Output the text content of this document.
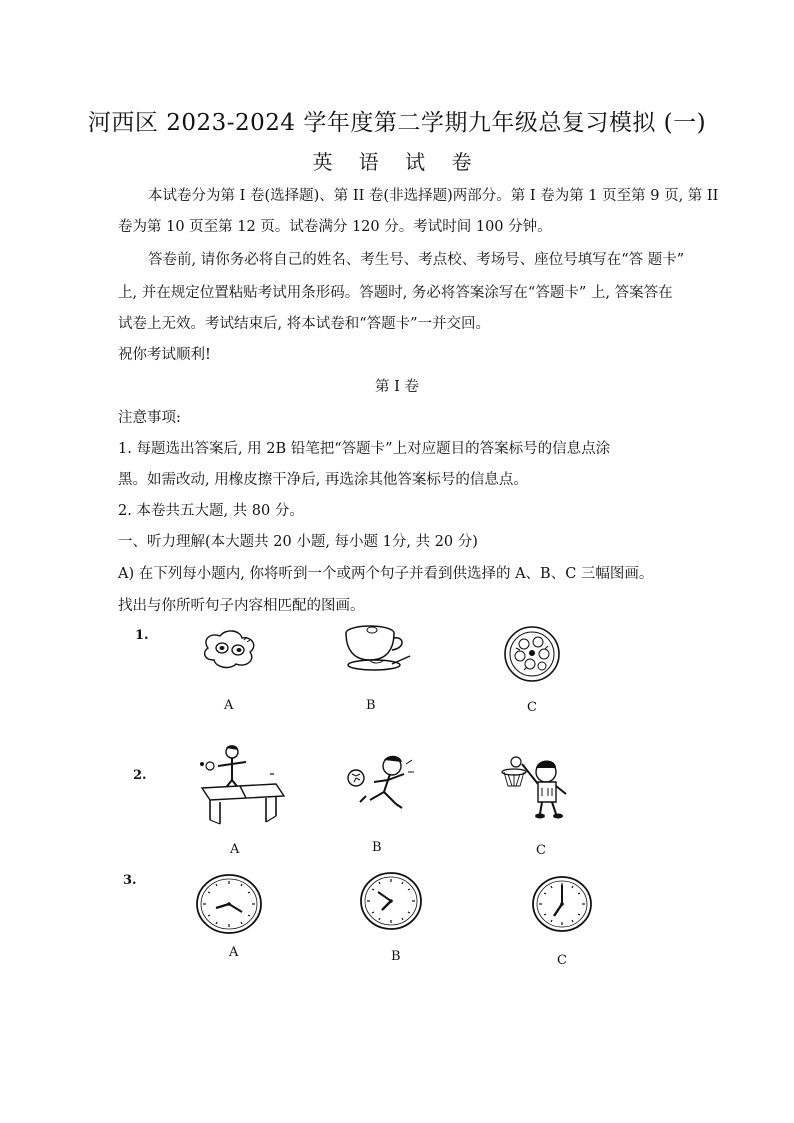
河西区 2023-2024 学年度第二学期九年级总复习模拟 (一)
英 语 试 卷
本试卷分为第 I 卷(选择题)、第 II 卷(非选择题)两部分。第 I 卷为第 1 页至第 9 页, 第 II
卷为第 10 页至第 12 页。试卷满分 120 分。考试时间 100 分钟。
答卷前, 请你务必将自己的姓名、考生号、考点校、考场号、座位号填写在“答 题卡”
上, 并在规定位置粘贴考试用条形码。答题时, 务必将答案涂写在“答题卡” 上, 答案答在
试卷上无效。考试结束后, 将本试卷和“答题卡”一并交回。
祝你考试顺利!
第 I 卷
注意事项:
1. 每题选出答案后, 用 2B 铅笔把“答题卡”上对应题目的答案标号的信息点涂
黑。如需改动, 用橡皮擦干净后, 再选涂其他答案标号的信息点。
2. 本卷共五大题, 共 80 分。
一、听力理解(本大题共 20 小题, 每小题 1分, 共 20 分)
A) 在下列每小题内, 你将听到一个或两个句子并看到供选择的 A、B、C 三幅图画。
找出与你所听句子内容相匹配的图画。
1.
A	B	C
2.
A	B	C
3.
A	B	C
